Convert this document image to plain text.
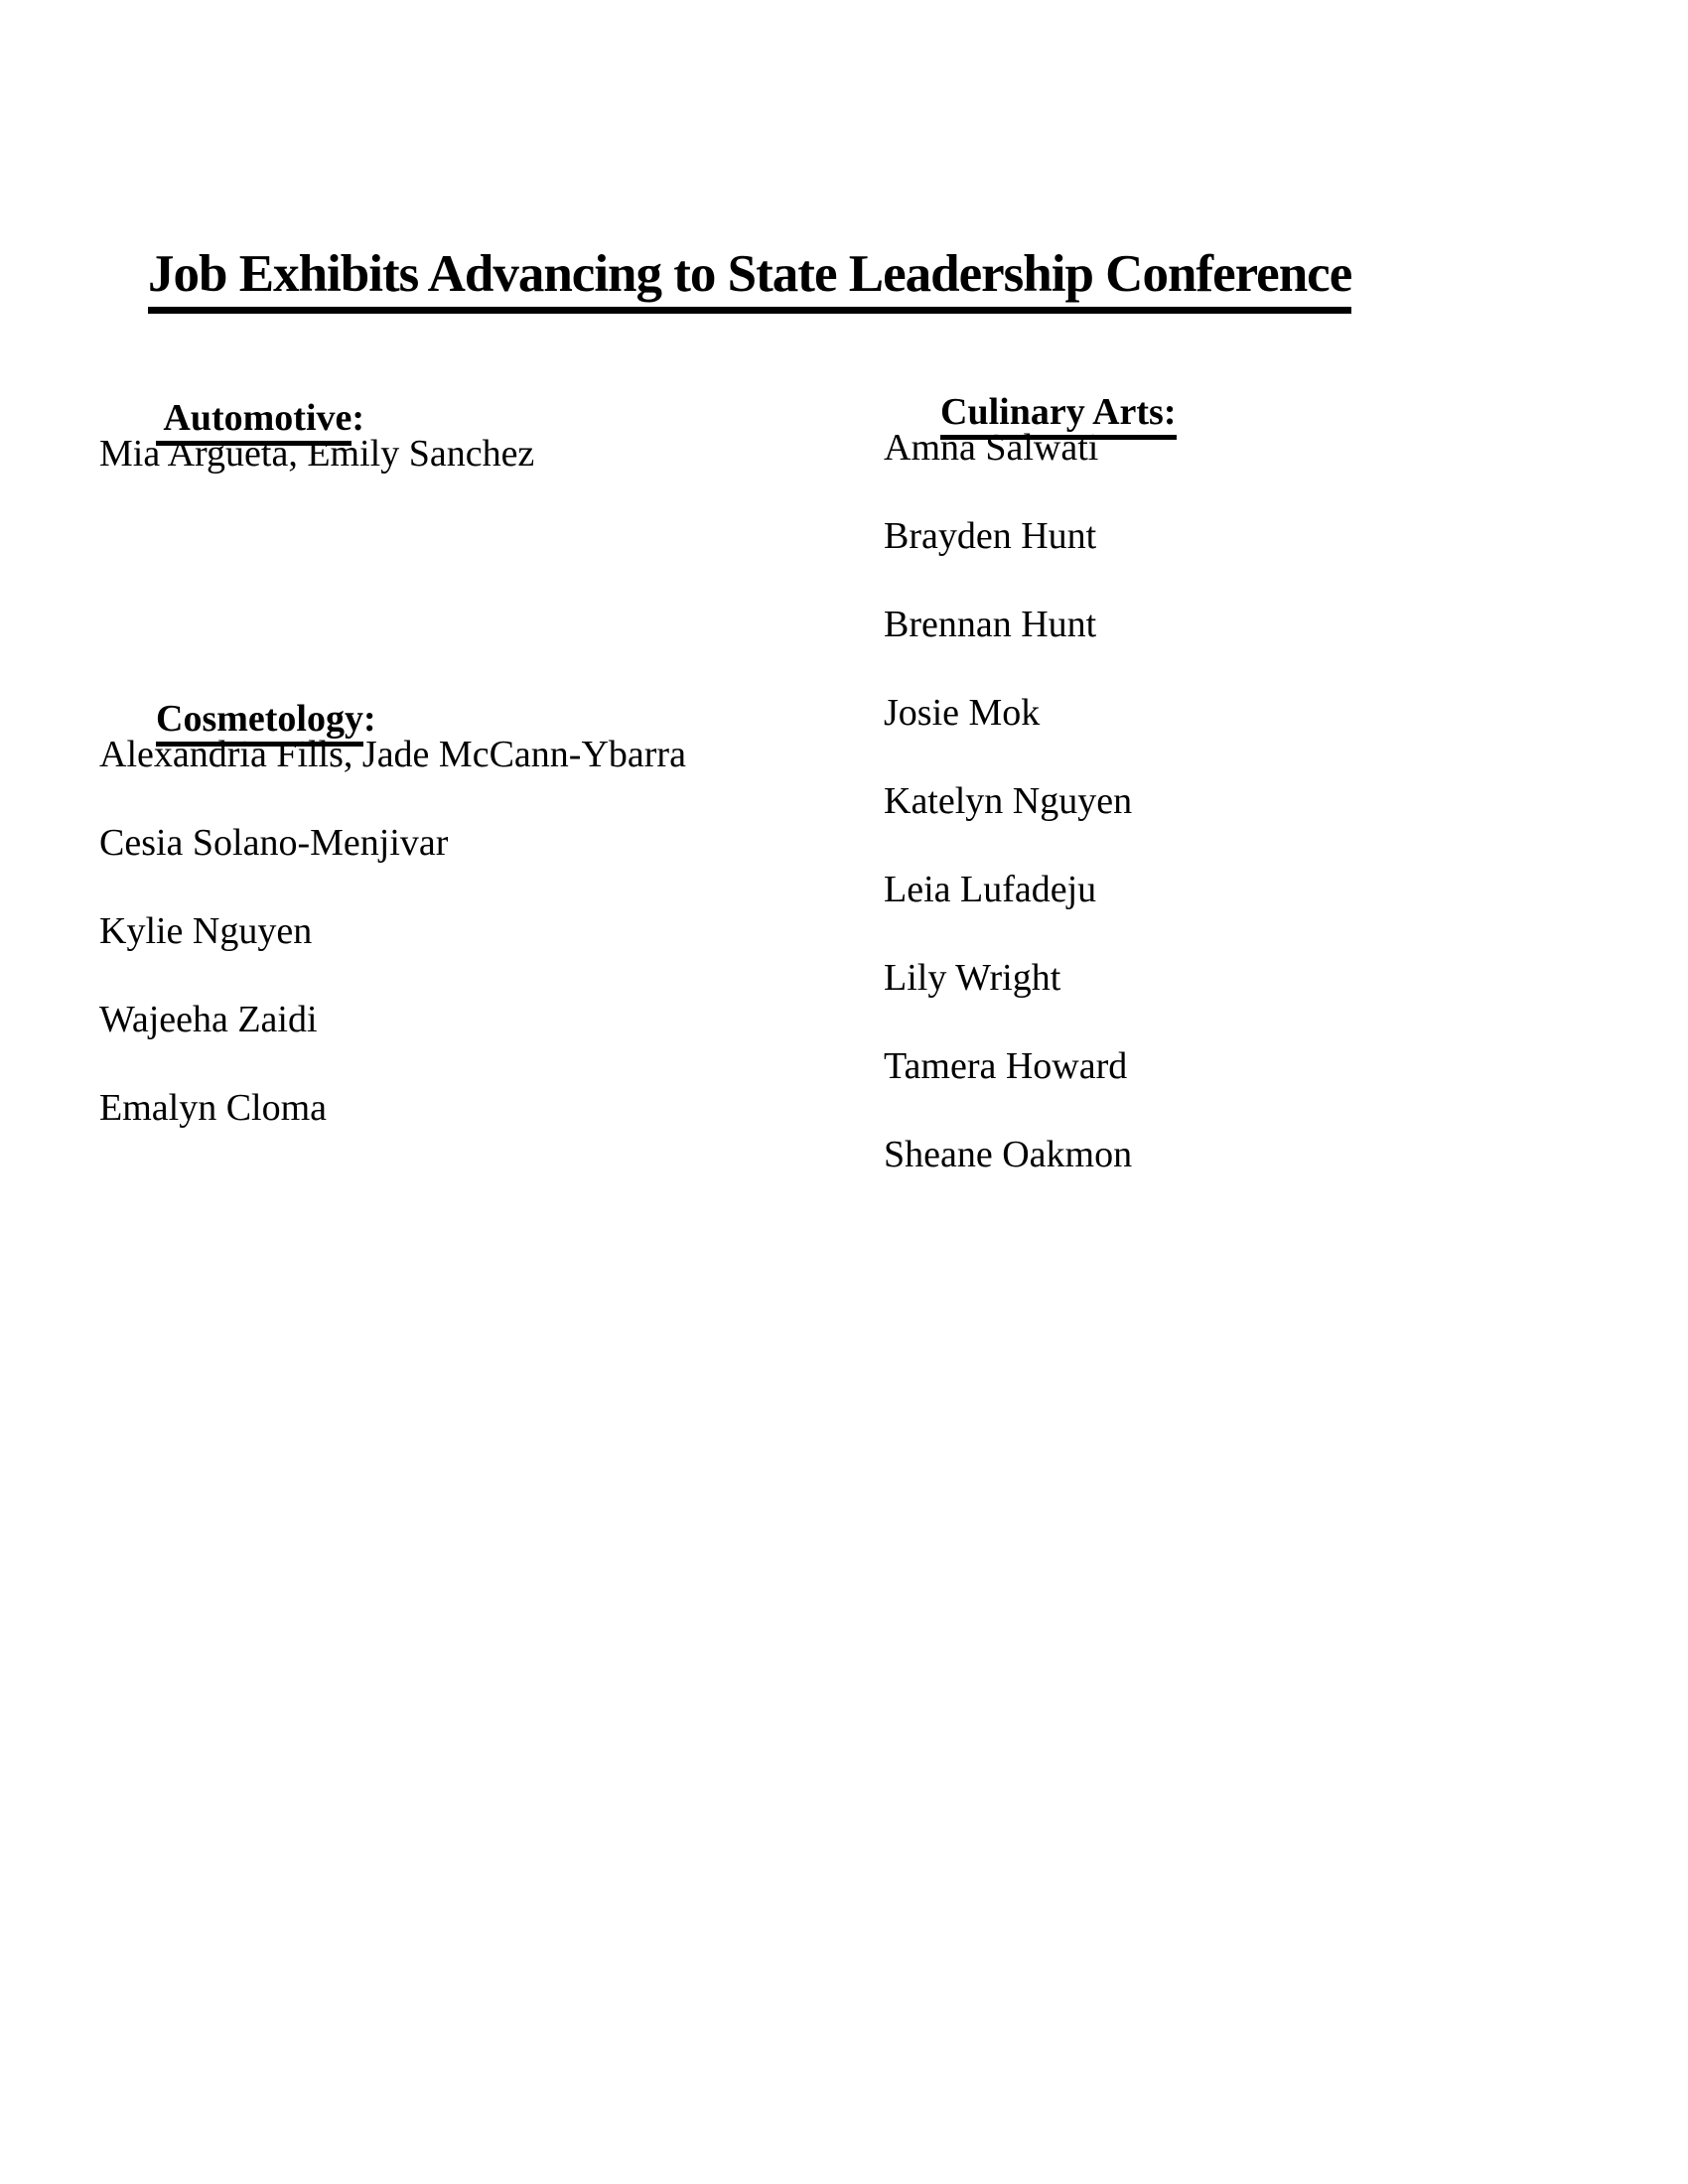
Job Exhibits Advancing to State Leadership Conference

Automotive:

Mia Argueta, Emily Sanchez

Cosmetology:

Alexandria Fills, Jade McCann-Ybarra

Cesia Solano-Menjivar

Kylie Nguyen

Wajeeha Zaidi

Emalyn Cloma

Culinary Arts:

Amna Salwati

Brayden Hunt

Brennan Hunt

Josie Mok

Katelyn Nguyen

Leia Lufadeju

Lily Wright

Tamera Howard

Sheane Oakmon
